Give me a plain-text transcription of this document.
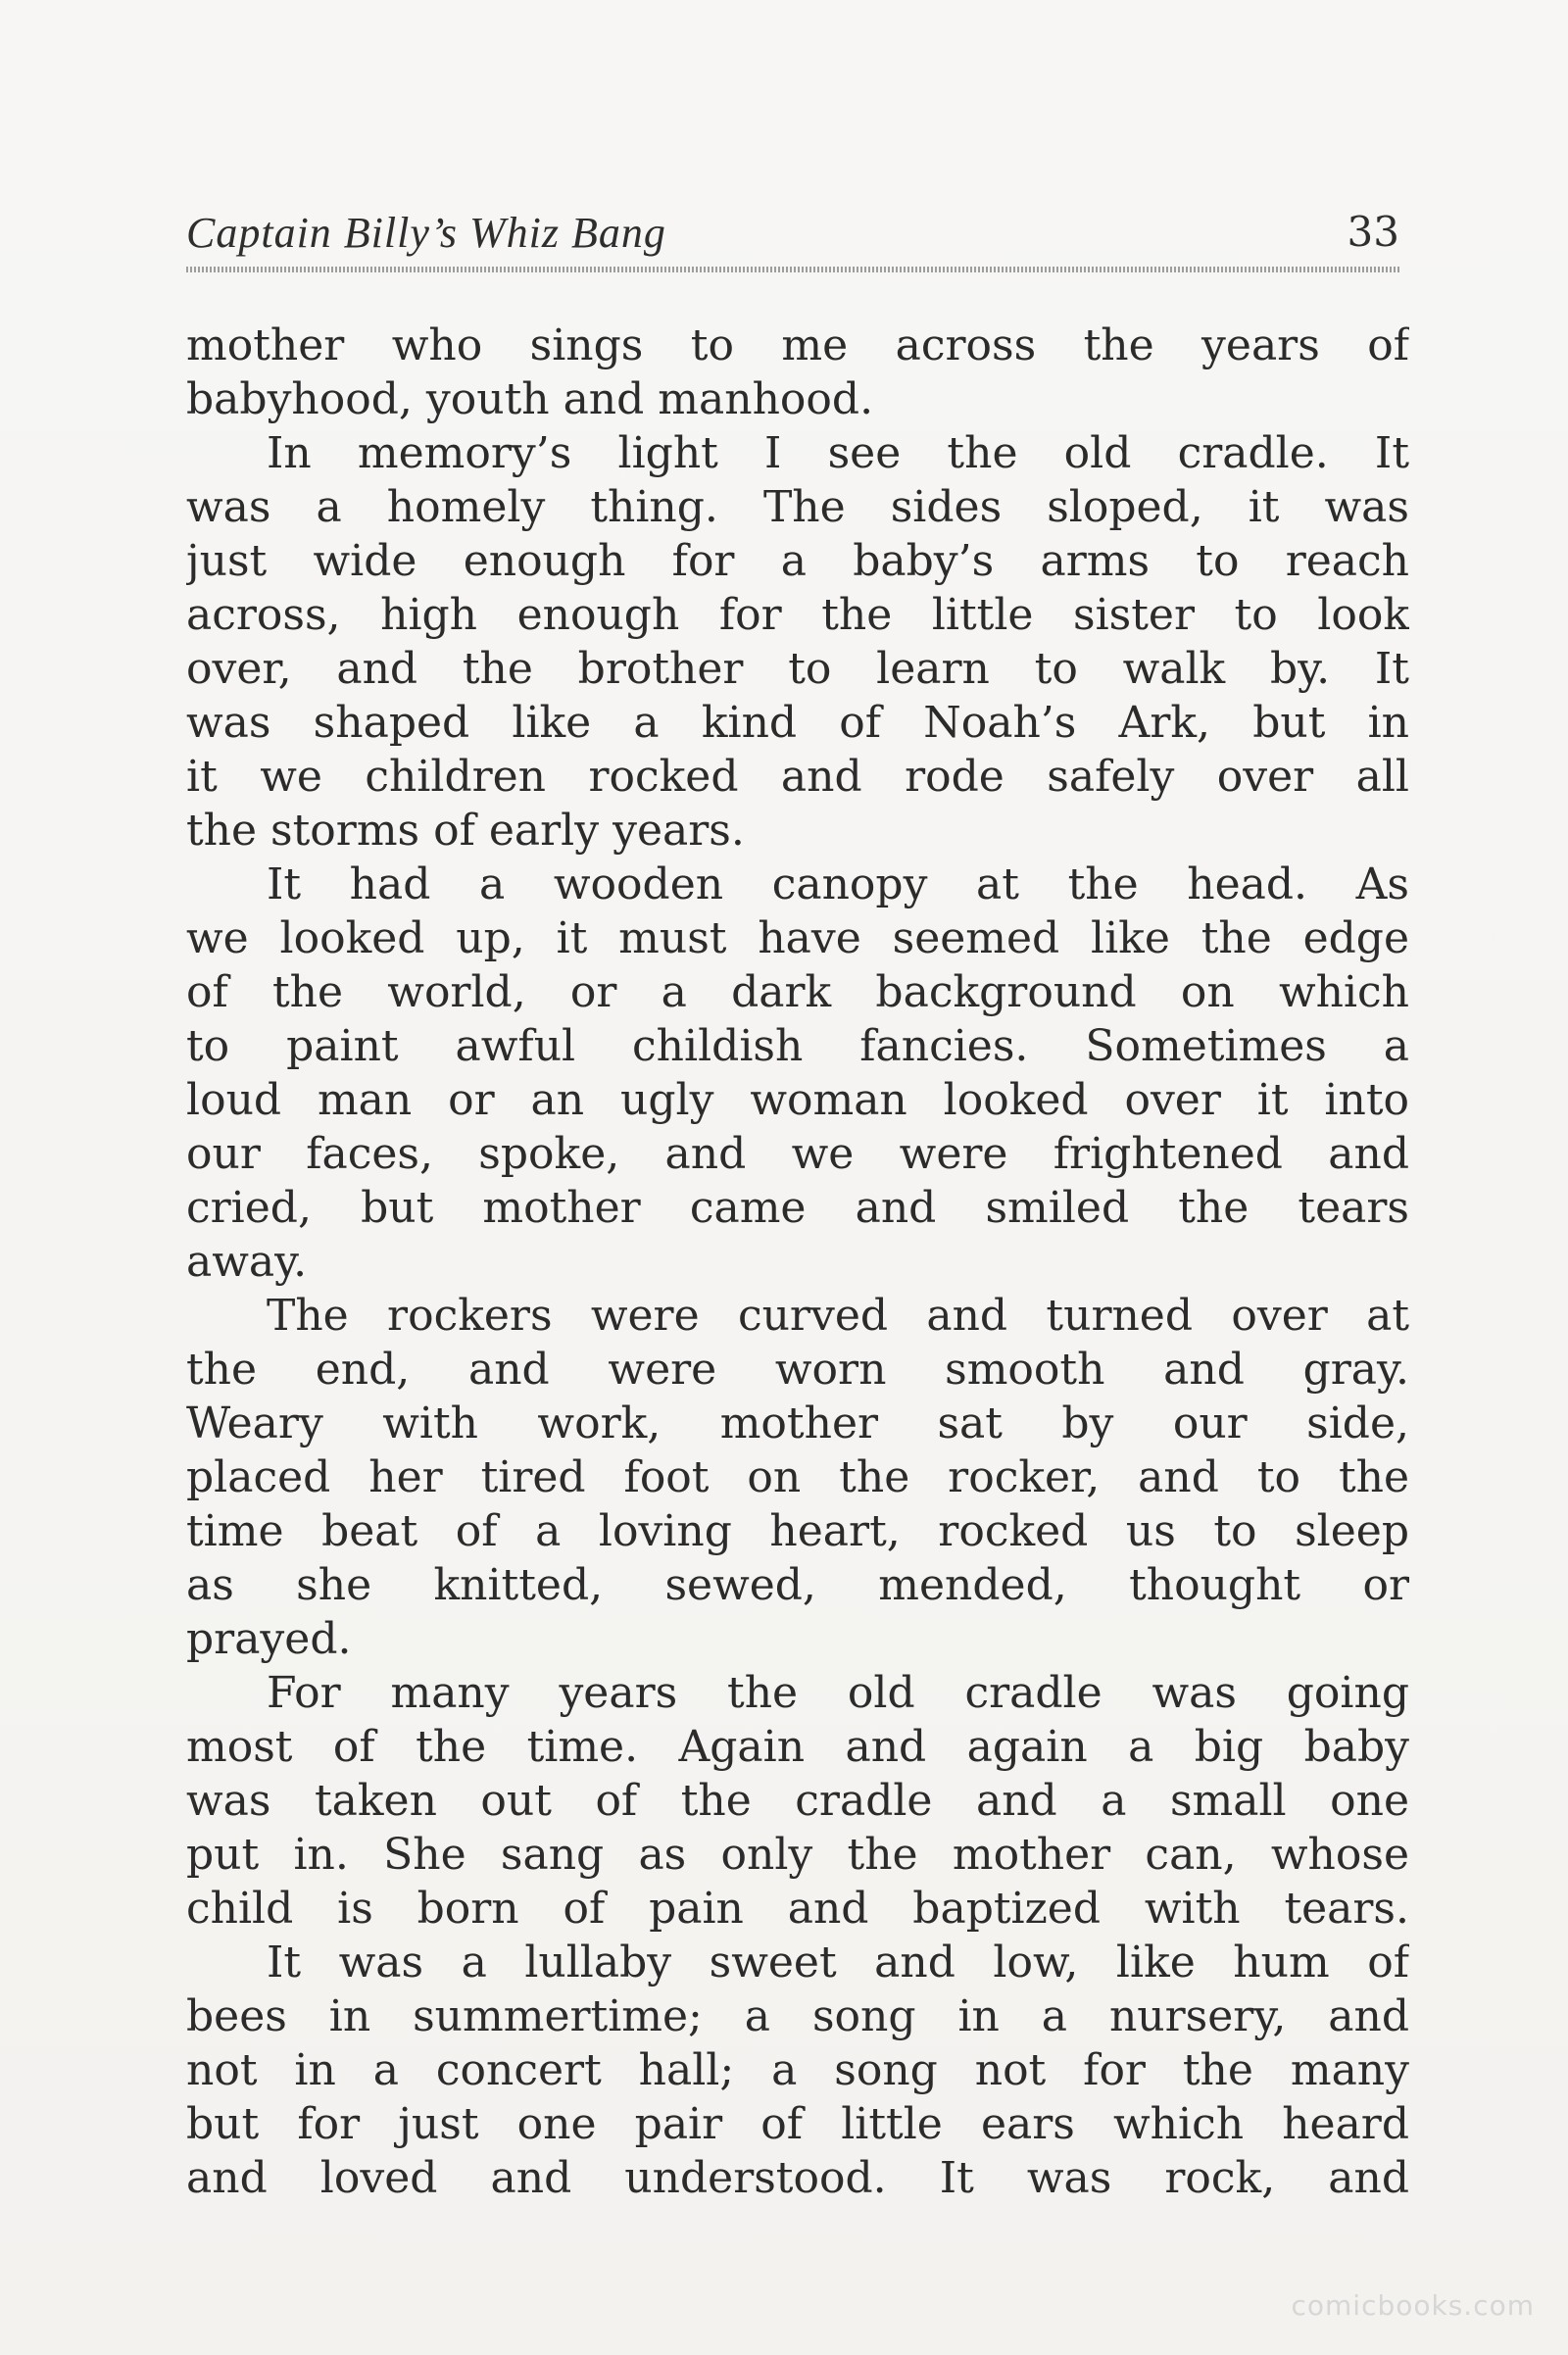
Captain Billy’s Whiz Bang	33
mother who sings to me across the years of
babyhood, youth and manhood.
In memory’s light I see the old cradle. It
was a homely thing. The sides sloped, it was
just wide enough for a baby’s arms to reach
across, high enough for the little sister to look
over, and the brother to learn to walk by. It
was shaped like a kind of Noah’s Ark, but in
it we children rocked and rode safely over all
the storms of early years.
It had a wooden canopy at the head. As
we looked up, it must have seemed like the edge
of the world, or a dark background on which
to paint awful childish fancies. Sometimes a
loud man or an ugly woman looked over it into
our faces, spoke, and we were frightened and
cried, but mother came and smiled the tears
away.
The rockers were curved and turned over at
the end, and were worn smooth and gray.
Weary with work, mother sat by our side,
placed her tired foot on the rocker, and to the
time beat of a loving heart, rocked us to sleep
as she knitted, sewed, mended, thought or
prayed.
For many years the old cradle was going
most of the time. Again and again a big baby
was taken out of the cradle and a small one
put in. She sang as only the mother can, whose
child is born of pain and baptized with tears.
It was a lullaby sweet and low, like hum of
bees in summertime; a song in a nursery, and
not in a concert hall; a song not for the many
but for just one pair of little ears which heard
and loved and understood. It was rock, and
comicbooks.com
